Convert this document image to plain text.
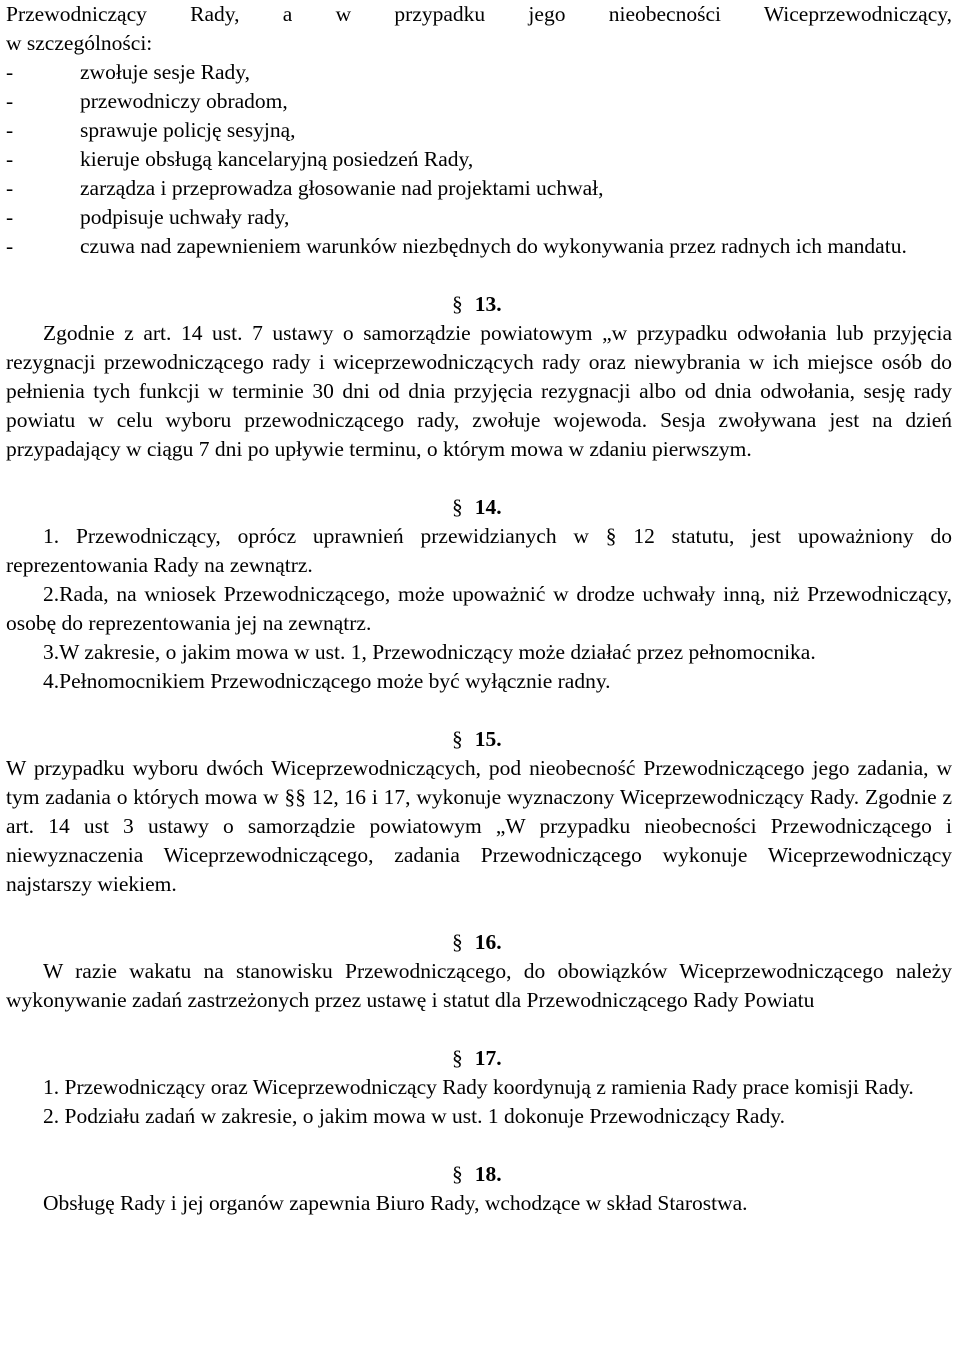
Przewodniczący Rady, a w przypadku jego nieobecności Wiceprzewodniczący,

w szczególności:

-	zwołuje sesje Rady,
-	przewodniczy obradom,
-	sprawuje policję sesyjną,
-	kieruje obsługą kancelaryjną posiedzeń Rady,
-	zarządza i przeprowadza głosowanie nad projektami uchwał,
-	podpisuje uchwały rady,
-	czuwa nad zapewnieniem warunków niezbędnych do wykonywania przez radnych ich mandatu.
§ 13.

Zgodnie z art. 14 ust. 7 ustawy o samorządzie powiatowym „w przypadku odwołania lub przyjęcia rezygnacji przewodniczącego rady i wiceprzewodniczących rady oraz niewybrania w ich miejsce osób do pełnienia tych funkcji w terminie 30 dni od dnia przyjęcia rezygnacji albo od dnia odwołania, sesję rady powiatu w celu wyboru przewodniczącego rady, zwołuje wojewoda. Sesja zwoływana jest na dzień przypadający w ciągu 7 dni po upływie terminu, o którym mowa w zdaniu pierwszym.

§ 14.

1. Przewodniczący, oprócz uprawnień przewidzianych w § 12 statutu, jest upoważniony do reprezentowania Rady na zewnątrz.

2.Rada, na wniosek Przewodniczącego, może upoważnić w drodze uchwały inną, niż Przewodniczący, osobę do reprezentowania jej na zewnątrz.

3.W zakresie, o jakim mowa w ust. 1, Przewodniczący może działać przez pełnomocnika.

4.Pełnomocnikiem Przewodniczącego może być wyłącznie radny.

§ 15.

W przypadku wyboru dwóch Wiceprzewodniczących, pod nieobecność Przewodniczącego jego zadania, w tym zadania o których mowa w §§ 12, 16 i 17, wykonuje wyznaczony Wiceprzewodniczący Rady. Zgodnie z art. 14 ust 3 ustawy o samorządzie powiatowym „W przypadku nieobecności Przewodniczącego i niewyznaczenia Wiceprzewodniczącego, zadania Przewodniczącego wykonuje Wiceprzewodniczący najstarszy wiekiem.

§ 16.

W razie wakatu na stanowisku Przewodniczącego, do obowiązków Wiceprzewodniczącego należy wykonywanie zadań zastrzeżonych przez ustawę i statut dla Przewodniczącego Rady Powiatu

§ 17.

1. Przewodniczący oraz Wiceprzewodniczący Rady koordynują z ramienia Rady prace komisji Rady.

2. Podziału zadań w zakresie, o jakim mowa w ust. 1 dokonuje Przewodniczący Rady.

§ 18.

Obsługę Rady i jej organów zapewnia Biuro Rady, wchodzące w skład Starostwa.
